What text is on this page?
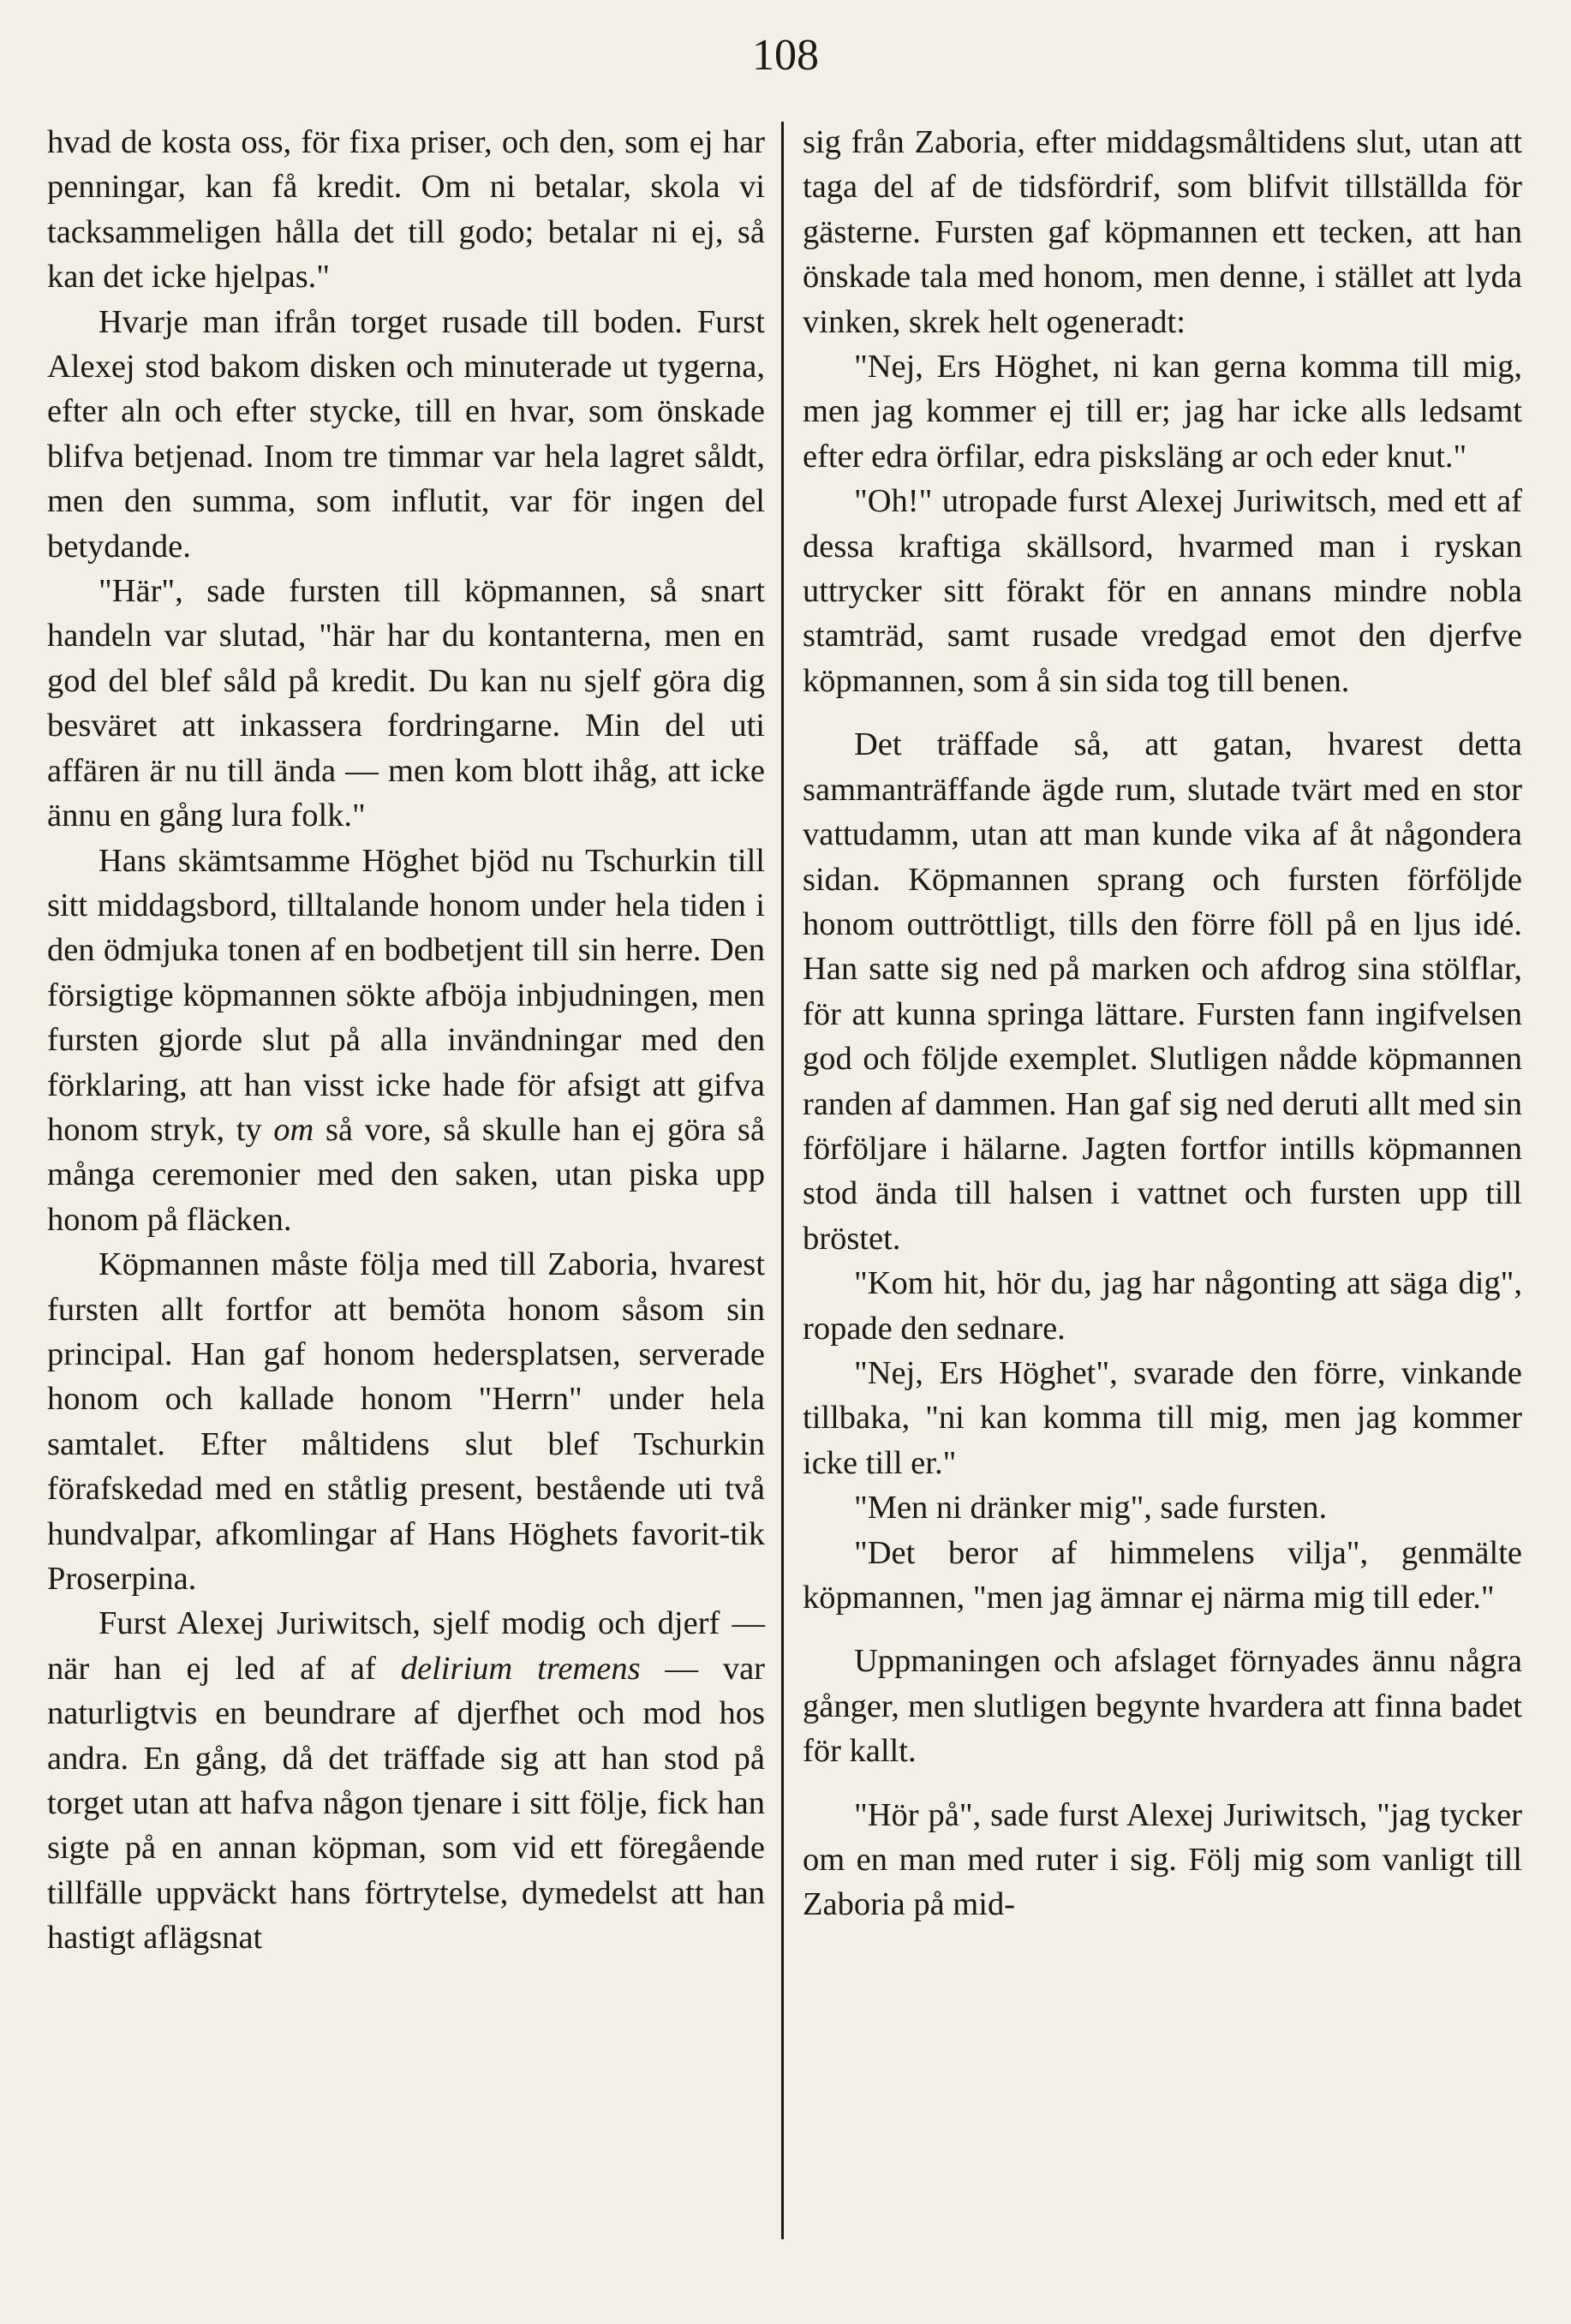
108

hvad de kosta oss, för fixa priser, och den, som ej har penningar, kan få kredit. Om ni betalar, skola vi tacksammeligen hålla det till godo; betalar ni ej, så kan det icke hjelpas."

Hvarje man ifrån torget rusade till boden. Furst Alexej stod bakom disken och minuterade ut tygerna, efter aln och efter stycke, till en hvar, som önskade blifva betjenad. Inom tre timmar var hela lagret såldt, men den summa, som influtit, var för ingen del betydande.

"Här", sade fursten till köpmannen, så snart handeln var slutad, "här har du kontanterna, men en god del blef såld på kredit. Du kan nu sjelf göra dig besväret att inkassera fordringarne. Min del uti affären är nu till ända — men kom blott ihåg, att icke ännu en gång lura folk."

Hans skämtsamme Höghet bjöd nu Tschurkin till sitt middagsbord, tilltalande honom under hela tiden i den ödmjuka tonen af en bodbetjent till sin herre. Den försigtige köpmannen sökte afböja inbjudningen, men fursten gjorde slut på alla invändningar med den förklaring, att han visst icke hade för afsigt att gifva honom stryk, ty om så vore, så skulle han ej göra så många ceremonier med den saken, utan piska upp honom på fläcken.

Köpmannen måste följa med till Zaboria, hvarest fursten allt fortfor att bemöta honom såsom sin principal. Han gaf honom hedersplatsen, serverade honom och kallade honom "Herrn" under hela samtalet. Efter måltidens slut blef Tschurkin förafskedad med en ståtlig present, bestående uti två hundvalpar, afkomlingar af Hans Höghets favorit-tik Proserpina.

Furst Alexej Juriwitsch, sjelf modig och djerf — när han ej led af af delirium tremens — var naturligtvis en beundrare af djerfhet och mod hos andra. En gång, då det träffade sig att han stod på torget utan att hafva någon tjenare i sitt följe, fick han sigte på en annan köpman, som vid ett föregående tillfälle uppväckt hans förtrytelse, dymedelst att han hastigt aflägsnat

sig från Zaboria, efter middagsmåltidens slut, utan att taga del af de tidsfördrif, som blifvit tillställda för gästerne. Fursten gaf köpmannen ett tecken, att han önskade tala med honom, men denne, i stället att lyda vinken, skrek helt ogeneradt:

"Nej, Ers Höghet, ni kan gerna komma till mig, men jag kommer ej till er; jag har icke alls ledsamt efter edra örfilar, edra pisksläng ar och eder knut."

"Oh!" utropade furst Alexej Juriwitsch, med ett af dessa kraftiga skällsord, hvarmed man i ryskan uttrycker sitt förakt för en annans mindre nobla stamträd, samt rusade vredgad emot den djerfve köpmannen, som å sin sida tog till benen.

Det träffade så, att gatan, hvarest detta sammanträffande ägde rum, slutade tvärt med en stor vattudamm, utan att man kunde vika af åt någondera sidan. Köpmannen sprang och fursten förföljde honom outtröttligt, tills den förre föll på en ljus idé. Han satte sig ned på marken och afdrog sina stölflar, för att kunna springa lättare. Fursten fann ingifvelsen god och följde exemplet. Slutligen nådde köpmannen randen af dammen. Han gaf sig ned deruti allt med sin förföljare i hälarne. Jagten fortfor intills köpmannen stod ända till halsen i vattnet och fursten upp till bröstet.

"Kom hit, hör du, jag har någonting att säga dig", ropade den sednare.

"Nej, Ers Höghet", svarade den förre, vinkande tillbaka, "ni kan komma till mig, men jag kommer icke till er."

"Men ni dränker mig", sade fursten.

"Det beror af himmelens vilja", genmälte köpmannen, "men jag ämnar ej närma mig till eder."

Uppmaningen och afslaget förnyades ännu några gånger, men slutligen begynte hvardera att finna badet för kallt.

"Hör på", sade furst Alexej Juriwitsch, "jag tycker om en man med ruter i sig. Följ mig som vanligt till Zaboria på mid-
